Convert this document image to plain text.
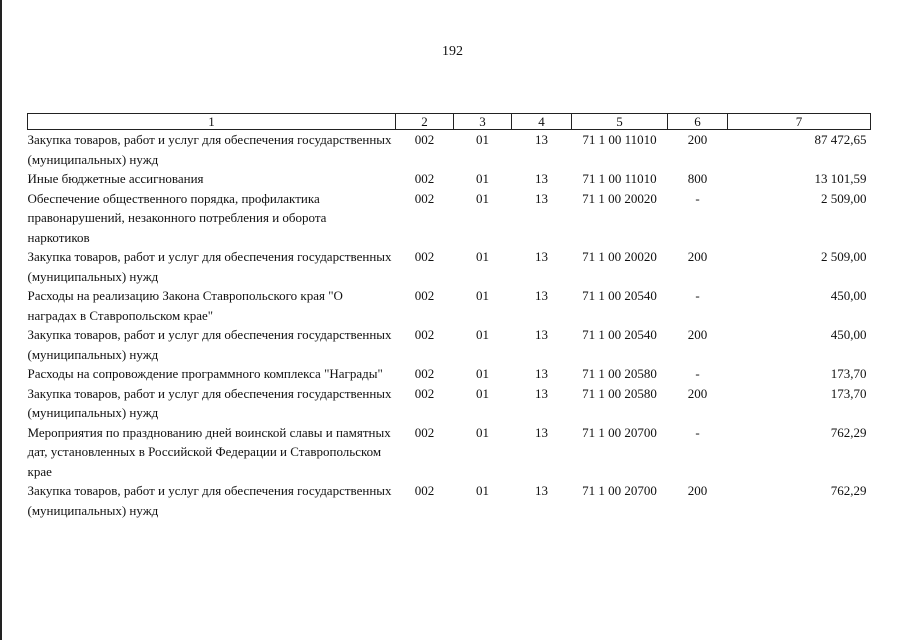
192
1	2	3	4	5	6	7
Закупка товаров, работ и услуг для обеспечения государственных (муниципальных) нужд	002	01	13	71 1 00 11010	200	87 472,65
Иные бюджетные ассигнования	002	01	13	71 1 00 11010	800	13 101,59
Обеспечение общественного порядка, профилактика правонарушений, незаконного потребления и оборота наркотиков	002	01	13	71 1 00 20020	-	2 509,00
Закупка товаров, работ и услуг для обеспечения государственных (муниципальных) нужд	002	01	13	71 1 00 20020	200	2 509,00
Расходы на реализацию Закона Ставропольского края "О наградах в Ставропольском крае"	002	01	13	71 1 00 20540	-	450,00
Закупка товаров, работ и услуг для обеспечения государственных (муниципальных) нужд	002	01	13	71 1 00 20540	200	450,00
Расходы на сопровождение программного комплекса "Награды"	002	01	13	71 1 00 20580	-	173,70
Закупка товаров, работ и услуг для обеспечения государственных (муниципальных) нужд	002	01	13	71 1 00 20580	200	173,70
Мероприятия по празднованию дней воинской славы и памятных дат, установленных в Российской Федерации и Ставропольском крае	002	01	13	71 1 00 20700	-	762,29
Закупка товаров, работ и услуг для обеспечения государственных (муниципальных) нужд	002	01	13	71 1 00 20700	200	762,29
